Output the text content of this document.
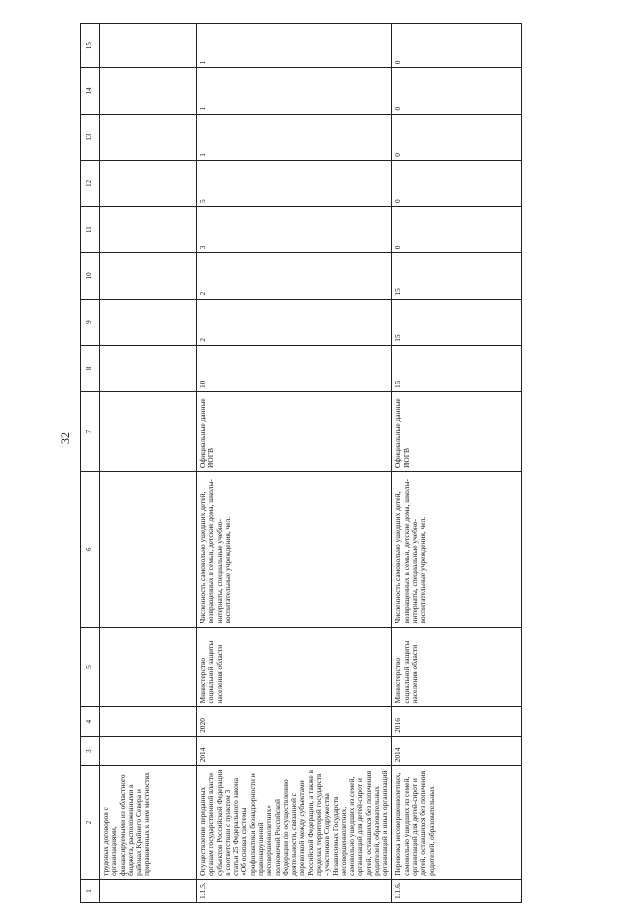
32
1	2	3	4	5	6	7	8	9	10	11	12	13	14	15
	трудовых договоров с организациями, финансируемыми из областного бюджета, расположенными в районах Крайнего Севера и приравненных к ним местностях													
1.1.5.	Осуществление переданных органам государственной власти субъектов Российской Федерации в соответствии с пунктом 3 статьи 25 Федерального закона «Об основах системы профилактики безнадзорности и правонарушений несовершеннолетних» полномочий Российской Федерации по осуществлению деятельности, связанной с перевозкой между субъектами Российской Федерации, а также в пределах территорий государств - участников Содружества Независимых Государств несовершеннолетних, самовольно ушедших из семей, организаций для детей-сирот и детей, оставшихся без попечения родителей, образовательных организаций и иных организаций	2014	2020	Министерство социальной защиты населения области	Численность самовольно ушедших детей, возвращенных в семьи, детские дома, школы-интернаты, специальные учебно-воспитательные учреждения, чел.	Официальные данные ИОГВ	10	2	2	3	5	1	1	1
1.1.6.	Перевозка несовершеннолетних, самовольно ушедших из семей, организаций для детей-сирот и детей, оставшихся без попечения родителей, образовательных	2014	2016	Министерство социальной защиты населения области	Численность самовольно ушедших детей, возвращенных в семьи, детские дома, школы-интернаты, специальные учебно-воспитательные учреждения, чел.	Официальные данные ИОГВ	15	15	15	0	0	0	0	0
